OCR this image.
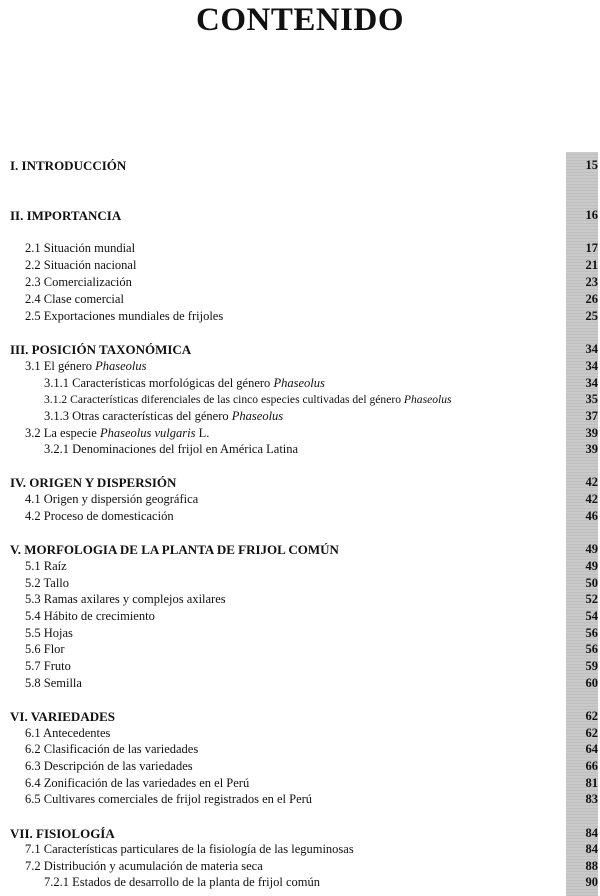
CONTENIDO
I. INTRODUCCIÓN	15
II. IMPORTANCIA	16
2.1 Situación mundial	17
2.2 Situación nacional	21
2.3 Comercialización	23
2.4 Clase comercial	26
2.5 Exportaciones mundiales de frijoles	25
III. POSICIÓN TAXONÓMICA	34
3.1 El género Phaseolus	34
3.1.1 Características morfológicas del género Phaseolus	34
3.1.2 Características diferenciales de las cinco especies cultivadas del género Phaseolus	35
3.1.3 Otras características del género Phaseolus	37
3.2 La especie Phaseolus vulgaris L.	39
3.2.1 Denominaciones del frijol en América Latina	39
IV. ORIGEN Y DISPERSIÓN	42
4.1 Origen y dispersión geográfica	42
4.2 Proceso de domesticación	46
V. MORFOLOGIA DE LA PLANTA DE FRIJOL COMÚN	49
5.1 Raíz	49
5.2 Tallo	50
5.3 Ramas axilares y complejos axilares	52
5.4 Hábito de crecimiento	54
5.5 Hojas	56
5.6 Flor	56
5.7 Fruto	59
5.8 Semilla	60
VI. VARIEDADES	62
6.1 Antecedentes	62
6.2 Clasificación de las variedades	64
6.3 Descripción de las variedades	66
6.4 Zonificación de las variedades en el Perú	81
6.5 Cultivares comerciales de frijol registrados en el Perú	83
VII. FISIOLOGÍA	84
7.1 Características particulares de la fisiología de las leguminosas	84
7.2 Distribución y acumulación de materia seca	88
7.2.1 Estados de desarrollo de la planta de frijol común	90
